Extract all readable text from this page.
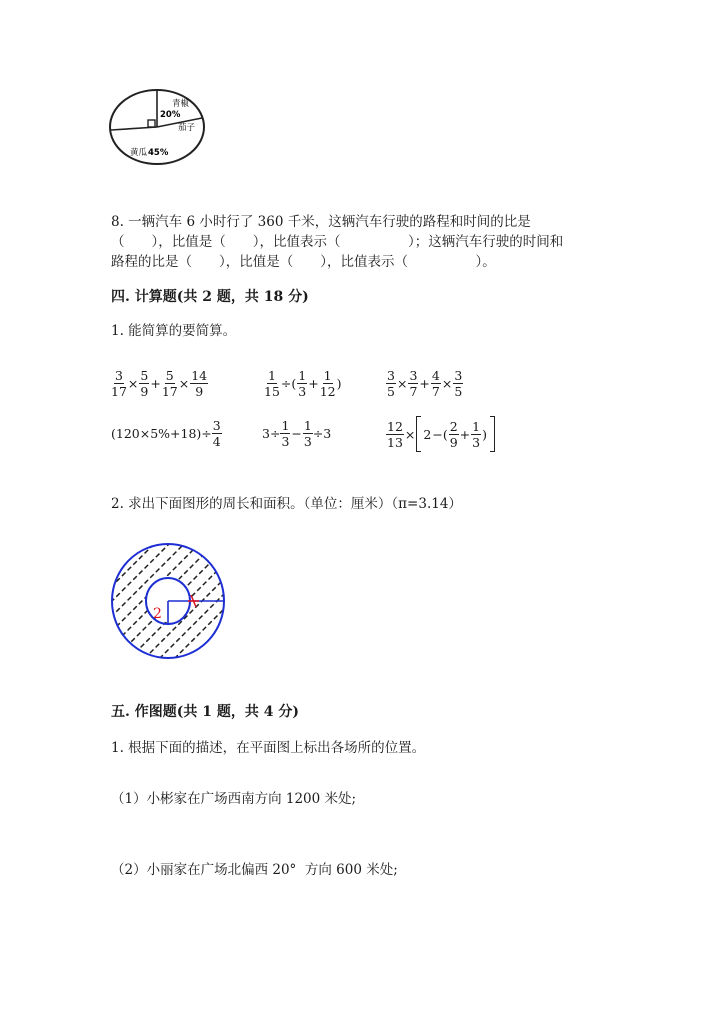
青椒
20%
茄子
黄瓜 45%
8. 一辆汽车 6 小时行了 360 千米，这辆汽车行驶的路程和时间的比是
（　　），比值是（　　），比值表示（　　　　　）；这辆汽车行驶的时间和
路程的比是（　　），比值是（　　），比值表示（　　　　　）。
四. 计算题(共 2 题，共 18 分)
1. 能简算的要简算。
$\frac{3}{17} \times \frac{5}{9} + \frac{5}{17} \times \frac{14}{9}$	$\frac{1}{15}$ ÷( $\frac{1}{3} + \frac{1}{12}$ )	$\frac{3}{5} \times \frac{3}{7} + \frac{4}{7} \times \frac{3}{5}$
$(120\times 5\%+18)\div \frac{3}{4}$	$3\div \frac{1}{3} - \frac{1}{3} \div 3$	$\frac{12}{13} \times 2$ −( $\frac{2}{9} + \frac{1}{3}$ )
2. 求出下面图形的周长和面积。（单位：厘米）（π=3.14）
2
五. 作图题(共 1 题，共 4 分)
1. 根据下面的描述，在平面图上标出各场所的位置。
（1）小彬家在广场西南方向 1200 米处;
（2）小丽家在广场北偏西 20°  方向 600 米处;
